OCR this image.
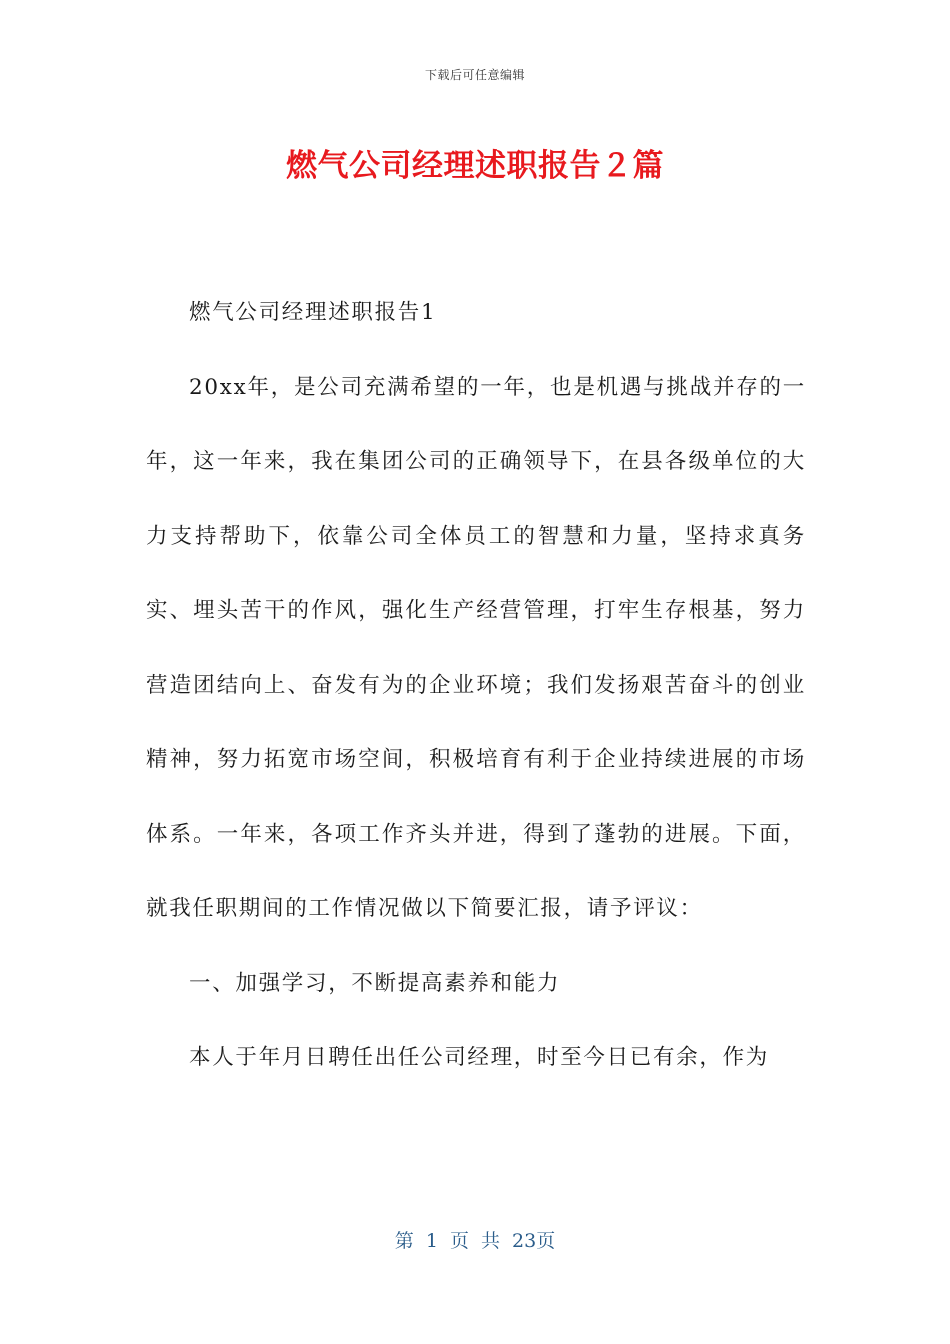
下载后可任意编辑
燃气公司经理述职报告２篇

燃气公司经理述职报告1

20xx年，是公司充满希望的一年，也是机遇与挑战并存的一年，这一年来，我在集团公司的正确领导下，在县各级单位的大力支持帮助下，依靠公司全体员工的智慧和力量，坚持求真务实、埋头苦干的作风，强化生产经营管理，打牢生存根基，努力营造团结向上、奋发有为的企业环境；我们发扬艰苦奋斗的创业精神，努力拓宽市场空间，积极培育有利于企业持续进展的市场体系。一年来，各项工作齐头并进，得到了蓬勃的进展。下面，就我任职期间的工作情况做以下简要汇报，请予评议：

一、加强学习，不断提高素养和能力

本人于年月日聘任出任公司经理，时至今日已有余，作为

第 1 页 共 23页
